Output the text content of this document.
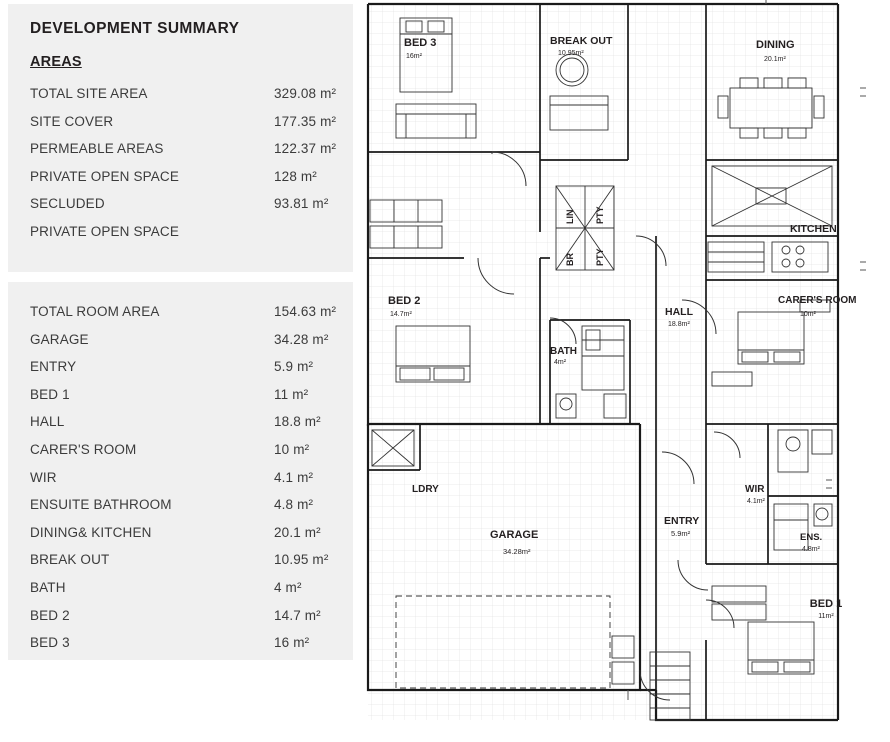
DEVELOPMENT SUMMARY
AREAS
TOTAL SITE AREA	329.08 m²
SITE COVER	177.35 m²
PERMEABLE AREAS	122.37 m²
PRIVATE OPEN SPACE	128 m²
SECLUDED	93.81 m²
PRIVATE OPEN SPACE
TOTAL ROOM AREA	154.63 m²
GARAGE	34.28 m²
ENTRY	5.9 m²
BED 1	11 m²
HALL	18.8 m²
CARER'S ROOM	10 m²
WIR	4.1 m²
ENSUITE BATHROOM	4.8 m²
DINING& KITCHEN	20.1 m²
BREAK OUT	10.95 m²
BATH	4 m²
BED 2	14.7 m²
BED 3	16 m²
BED 3
16m²
BREAK OUT
10.95m²
DINING
20.1m²
KITCHEN
BED 2
14.7m²	HALL
18.8m²
CARER'S ROOM
10m²
BATH
4m²
LDRY
GARAGE
34.28m²
ENTRY
5.9m²
WIR
4.1m²
ENS.
4.8m²
BED 1
11m²
LIN PTY
BR PTY
